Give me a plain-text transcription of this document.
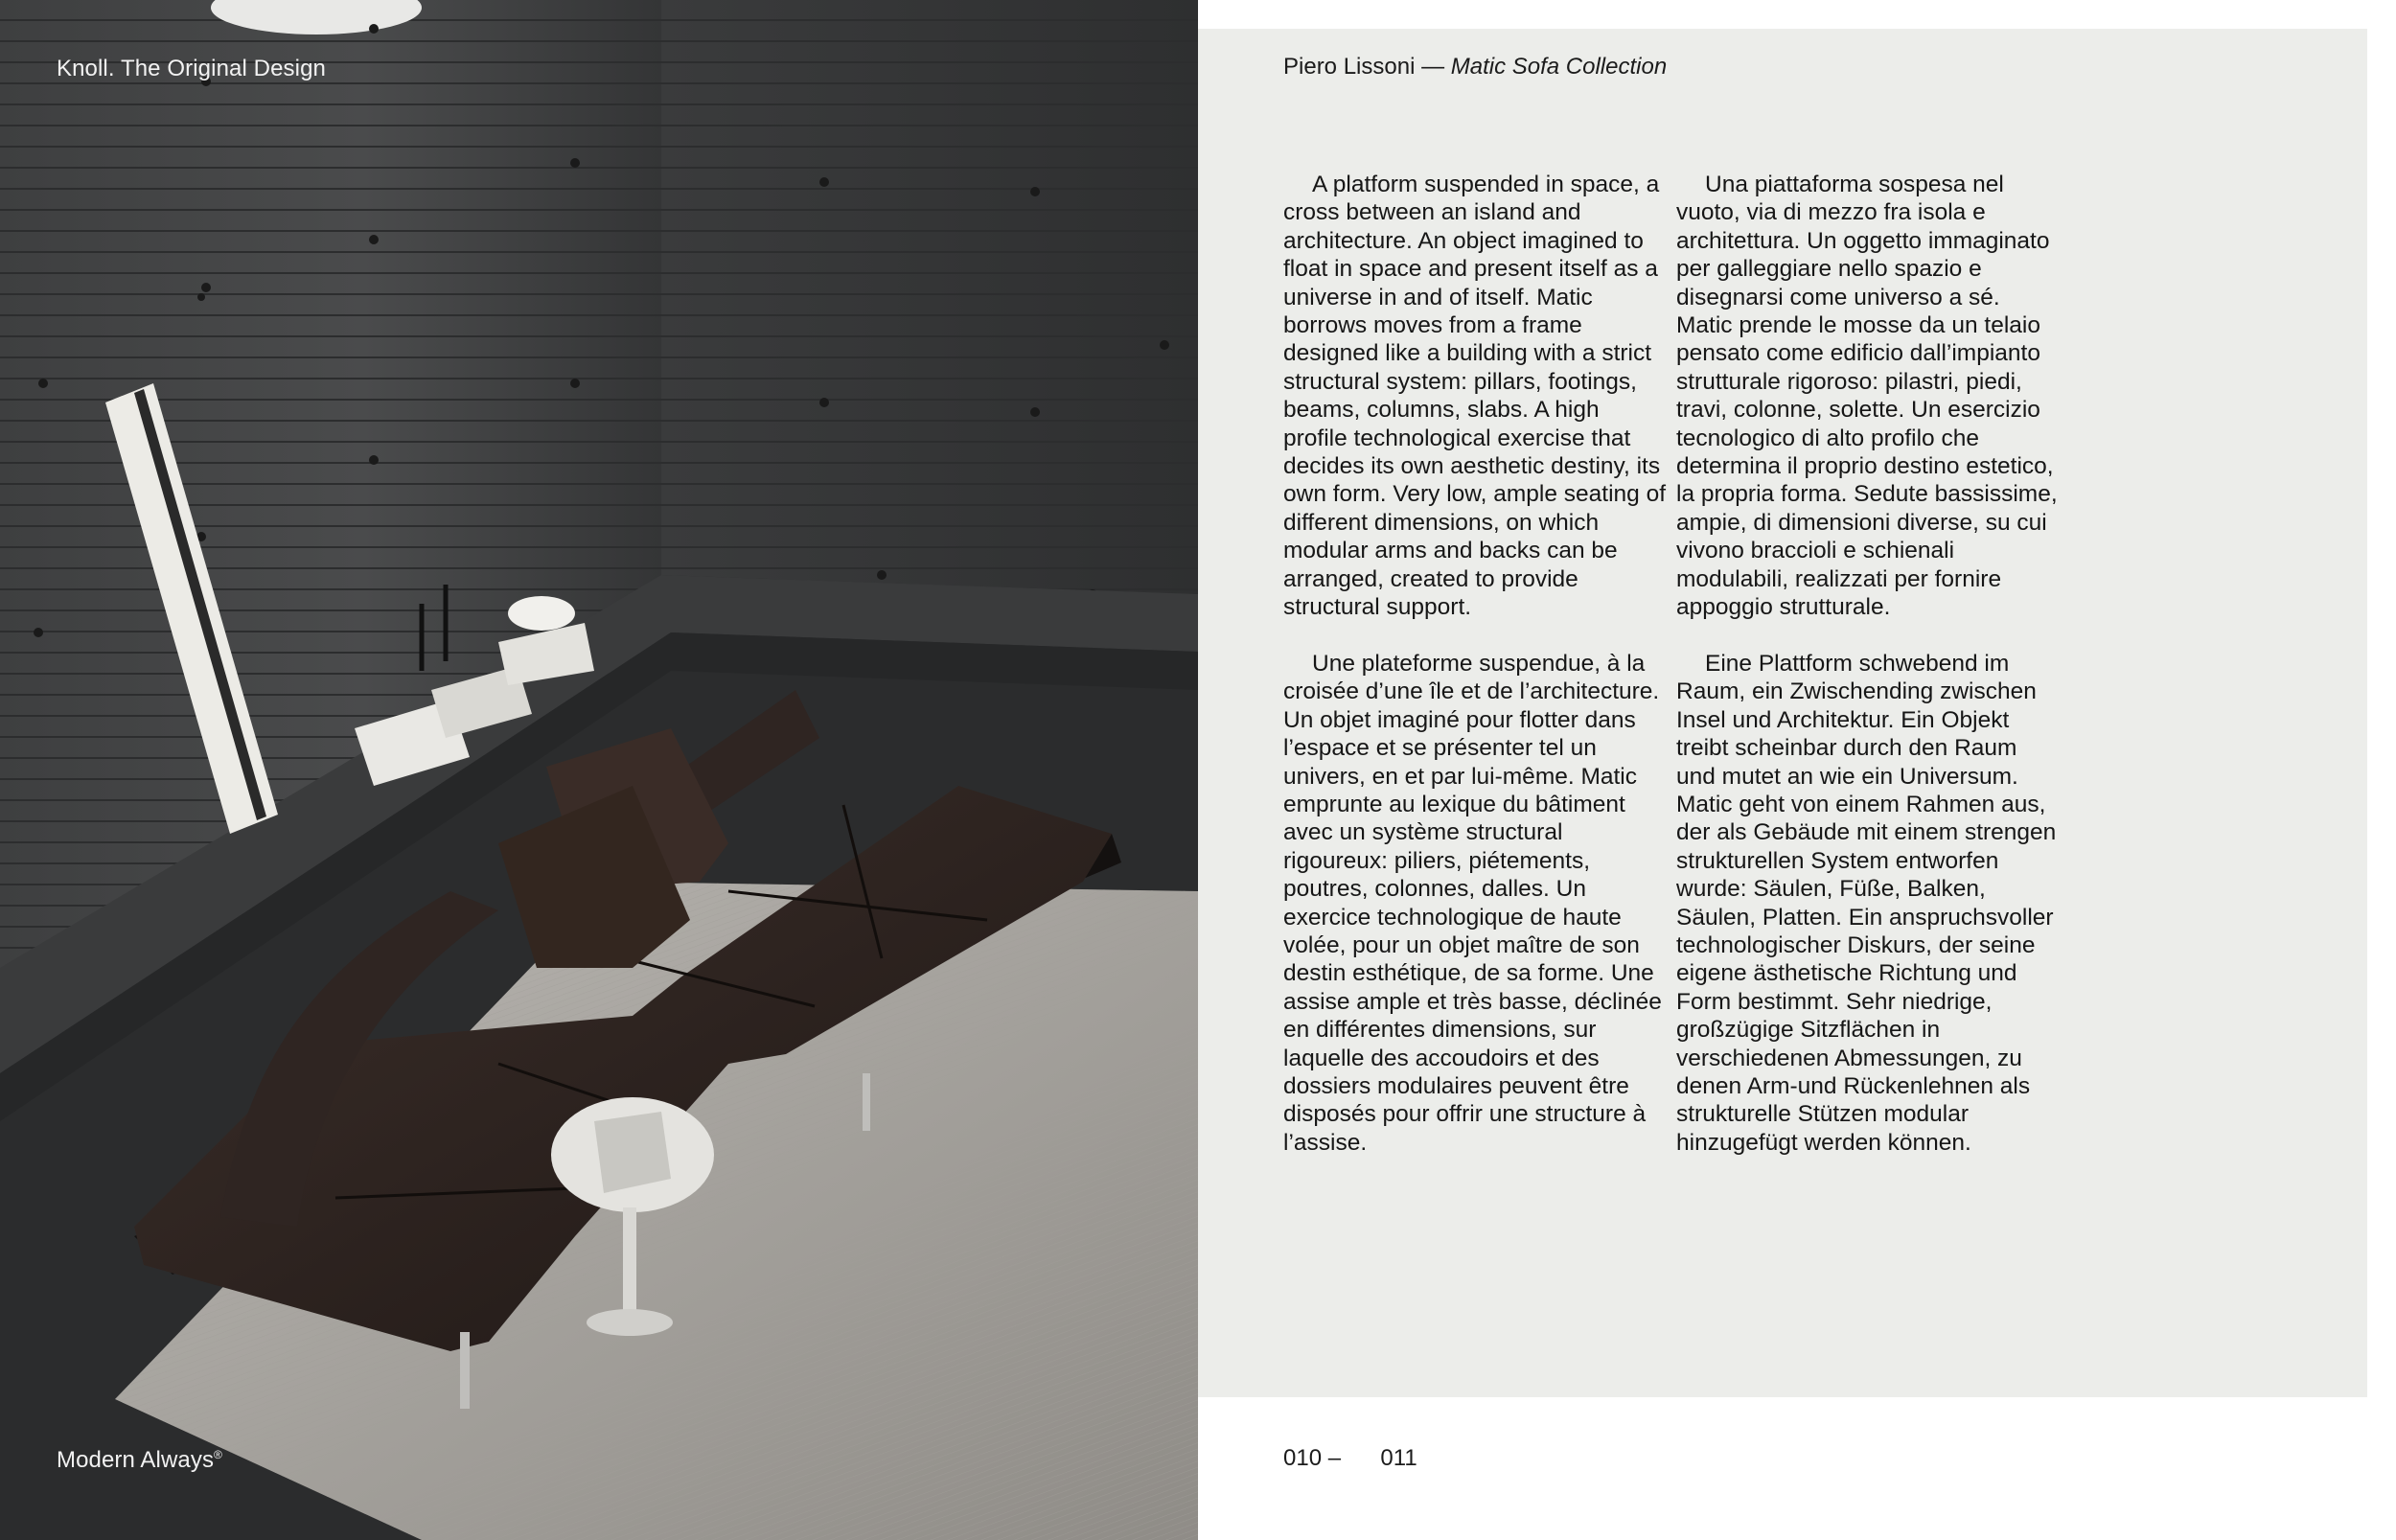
Knoll. The Original Design
Modern Always®
Piero Lissoni — Matic Sofa Collection

A platform suspended in space, a cross between an island and architecture. An object imagined to float in space and present itself as a universe in and of itself. Matic borrows moves from a frame designed like a building with a strict structural system: pillars, footings, beams, columns, slabs. A high profile technological exercise that decides its own aesthetic destiny, its own form. Very low, ample seating of different dimensions, on which modular arms and backs can be arranged, created to provide structural support.

Une plateforme suspendue, à la croisée d’une île et de l’architecture. Un objet imaginé pour flotter dans l’espace et se présenter tel un univers, en et par lui-même. Matic emprunte au lexique du bâtiment avec un système structural rigoureux: piliers, piétements, poutres, colonnes, dalles. Un exercice technologique de haute volée, pour un objet maître de son destin esthétique, de sa forme. Une assise ample et très basse, déclinée en différentes dimensions, sur laquelle des accoudoirs et des dossiers modulaires peuvent être disposés pour offrir une structure à l’assise.

Una piattaforma sospesa nel vuoto, via di mezzo fra isola e architettura. Un oggetto immaginato per galleggiare nello spazio e disegnarsi come universo a sé. Matic prende le mosse da un telaio pensato come edificio dall’impianto strutturale rigoroso: pilastri, piedi, travi, colonne, solette. Un esercizio tecnologico di alto profilo che determina il proprio destino estetico, la propria forma. Sedute bassissime, ampie, di dimensioni diverse, su cui vivono braccioli e schienali modulabili, realizzati per fornire appoggio strutturale.

Eine Plattform schwebend im Raum, ein Zwischending zwischen Insel und Architektur. Ein Objekt treibt scheinbar durch den Raum und mutet an wie ein Universum. Matic geht von einem Rahmen aus, der als Gebäude mit einem strengen strukturellen System entworfen wurde: Säulen, Füße, Balken, Säulen, Platten. Ein anspruchsvoller technologischer Diskurs, der seine eigene ästhetische Richtung und Form bestimmt. Sehr niedrige, großzügige Sitzflächen in verschiedenen Abmessungen, zu denen Arm-und Rückenlehnen als strukturelle Stützen modular hinzugefügt werden können.

010 – 011
